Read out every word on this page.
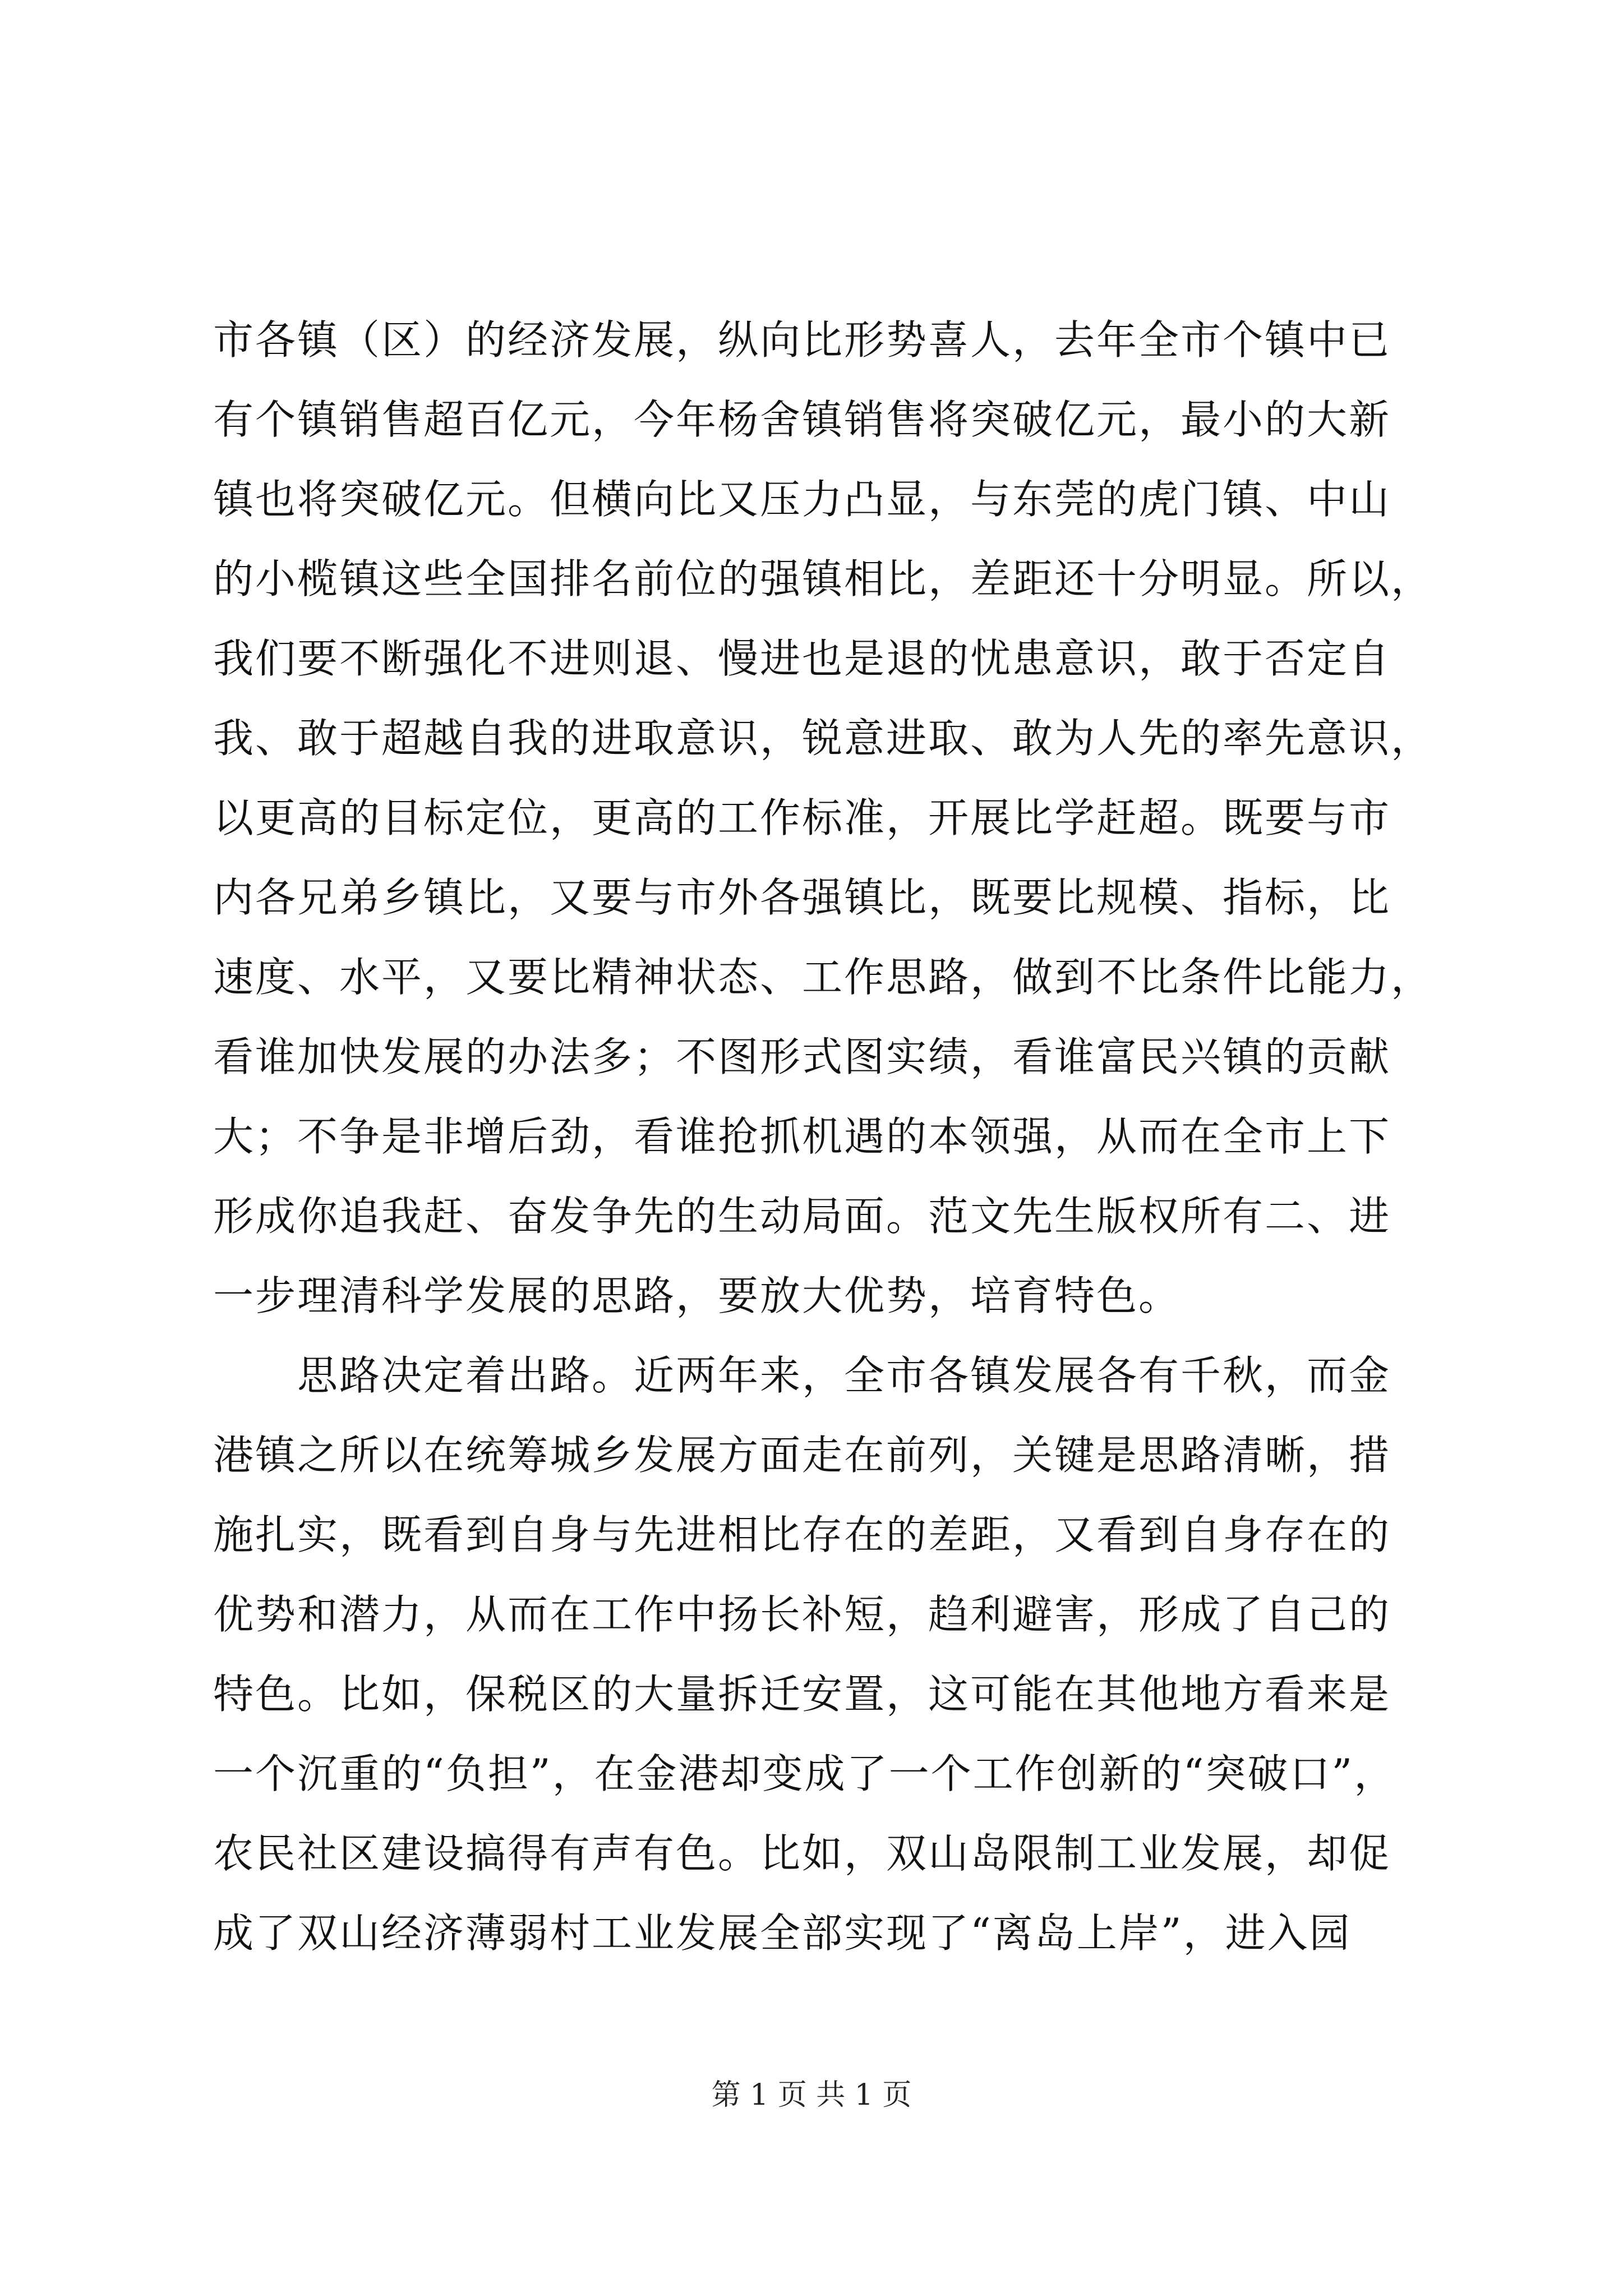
市各镇（区）的经济发展，纵向比形势喜人，去年全市个镇中已
有个镇销售超百亿元，今年杨舍镇销售将突破亿元，最小的大新
镇也将突破亿元。但横向比又压力凸显，与东莞的虎门镇、中山
的小榄镇这些全国排名前位的强镇相比，差距还十分明显。所以，
我们要不断强化不进则退、慢进也是退的忧患意识，敢于否定自
我、敢于超越自我的进取意识，锐意进取、敢为人先的率先意识，
以更高的目标定位，更高的工作标准，开展比学赶超。既要与市
内各兄弟乡镇比，又要与市外各强镇比，既要比规模、指标，比
速度、水平，又要比精神状态、工作思路，做到不比条件比能力，
看谁加快发展的办法多；不图形式图实绩，看谁富民兴镇的贡献
大；不争是非增后劲，看谁抢抓机遇的本领强，从而在全市上下
形成你追我赶、奋发争先的生动局面。范文先生版权所有二、进
一步理清科学发展的思路，要放大优势，培育特色。
　　思路决定着出路。近两年来，全市各镇发展各有千秋，而金
港镇之所以在统筹城乡发展方面走在前列，关键是思路清晰，措
施扎实，既看到自身与先进相比存在的差距，又看到自身存在的
优势和潜力，从而在工作中扬长补短，趋利避害，形成了自己的
特色。比如，保税区的大量拆迁安置，这可能在其他地方看来是
一个沉重的“负担”，在金港却变成了一个工作创新的“突破口”，
农民社区建设搞得有声有色。比如，双山岛限制工业发展，却促
成了双山经济薄弱村工业发展全部实现了“离岛上岸”，进入园
第 1 页 共 1 页
